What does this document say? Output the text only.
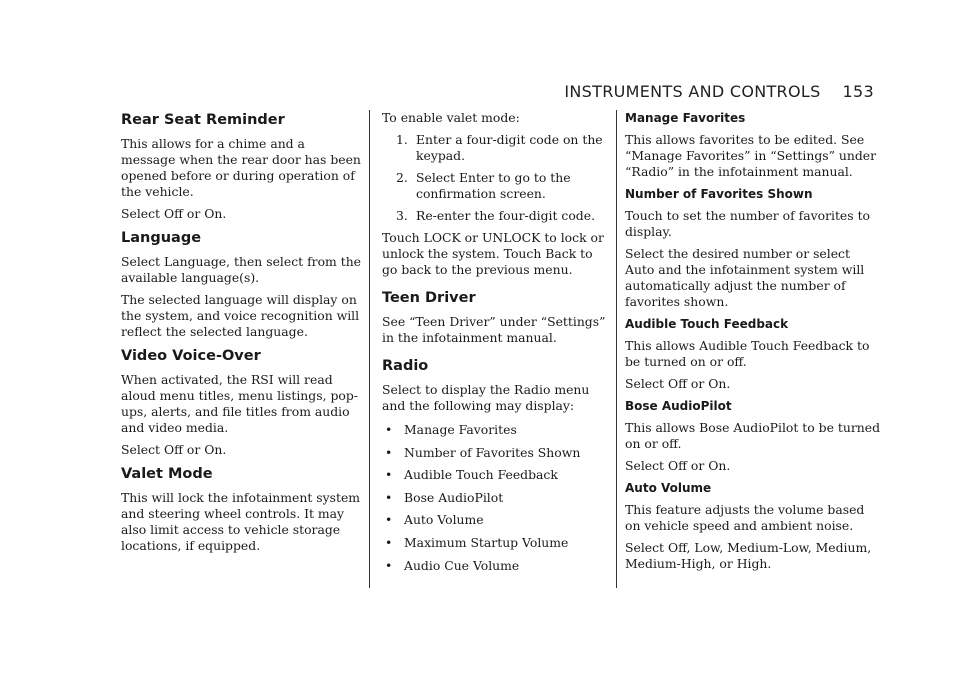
INSTRUMENTS AND CONTROLS 153
Rear Seat Reminder

This allows for a chime and a message when the rear door has been opened before or during operation of the vehicle.

Select Off or On.

Language

Select Language, then select from the available language(s).

The selected language will display on the system, and voice recognition will reflect the selected language.

Video Voice-Over

When activated, the RSI will read aloud menu titles, menu listings, pop-ups, alerts, and file titles from audio and video media.

Select Off or On.

Valet Mode

This will lock the infotainment system and steering wheel controls. It may also limit access to vehicle storage locations, if equipped.

To enable valet mode:

1. Enter a four-digit code on the keypad.
2. Select Enter to go to the confirmation screen.
3. Re-enter the four-digit code.

Touch LOCK or UNLOCK to lock or unlock the system. Touch Back to go back to the previous menu.

Teen Driver

See “Teen Driver” under “Settings” in the infotainment manual.

Radio

Select to display the Radio menu and the following may display:

• Manage Favorites
• Number of Favorites Shown
• Audible Touch Feedback
• Bose AudioPilot
• Auto Volume
• Maximum Startup Volume
• Audio Cue Volume
Manage Favorites

This allows favorites to be edited. See “Manage Favorites” in “Settings” under “Radio” in the infotainment manual.

Number of Favorites Shown

Touch to set the number of favorites to display.

Select the desired number or select Auto and the infotainment system will automatically adjust the number of favorites shown.

Audible Touch Feedback

This allows Audible Touch Feedback to be turned on or off.

Select Off or On.

Bose AudioPilot

This allows Bose AudioPilot to be turned on or off.

Select Off or On.

Auto Volume

This feature adjusts the volume based on vehicle speed and ambient noise.

Select Off, Low, Medium-Low, Medium, Medium-High, or High.
